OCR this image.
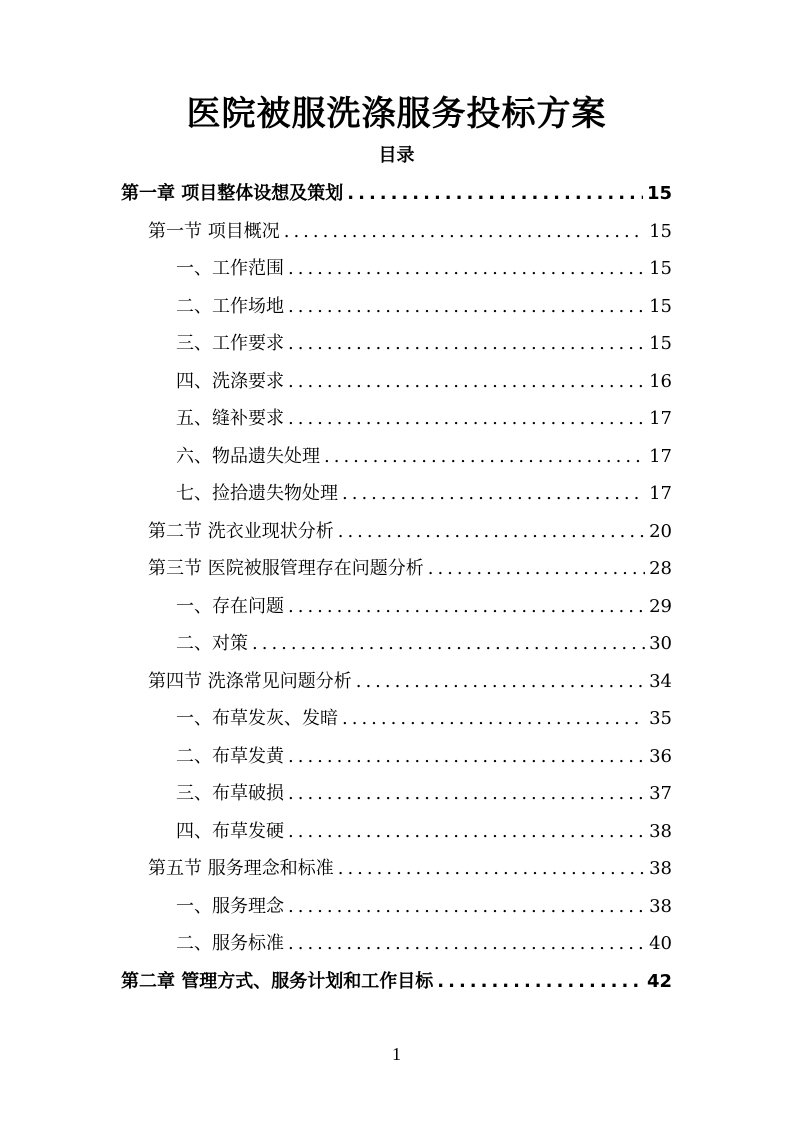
医院被服洗涤服务投标方案
目录
第一章 项目整体设想及策划 .....	15
第一节 项目概况 .....	15
一、工作范围 .....	15
二、工作场地 .....	15
三、工作要求 .....	15
四、洗涤要求 .....	16
五、缝补要求 .....	17
六、物品遗失处理 .....	17
七、捡拾遗失物处理 .....	17
第二节 洗衣业现状分析 .....	20
第三节 医院被服管理存在问题分析 .....	28
一、存在问题 .....	29
二、对策 .....	30
第四节 洗涤常见问题分析 .....	34
一、布草发灰、发暗 .....	35
二、布草发黄 .....	36
三、布草破损 .....	37
四、布草发硬 .....	38
第五节 服务理念和标准 .....	38
一、服务理念 .....	38
二、服务标准 .....	40
第二章 管理方式、服务计划和工作目标 .....	42
1
